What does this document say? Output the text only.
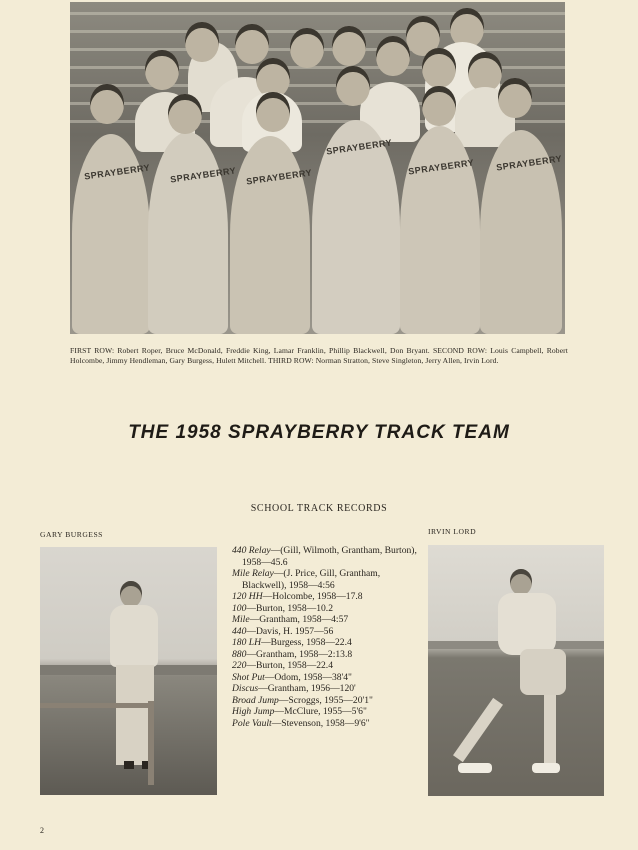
SPRAYBERRY SPRAYBERRY SPRAYBERRY
SPRAYBERRY
SPRAYBERRY SPRAYBERRY
FIRST ROW: Robert Roper, Bruce McDonald, Freddie King, Lamar Franklin, Phillip Blackwell, Don Bryant. SECOND ROW: Louis Campbell, Robert Holcombe, Jimmy Hendleman, Gary Burgess, Hulett Mitchell. THIRD ROW: Norman Stratton, Steve Singleton, Jerry Allen, Irvin Lord.
THE 1958 SPRAYBERRY TRACK TEAM
SCHOOL TRACK RECORDS
GARY BURGESS	IRVIN LORD
440 Relay—(Gill, Wilmoth, Grantham, Burton), 1958—45.6
Mile Relay—(J. Price, Gill, Grantham, Blackwell), 1958—4:56
120 HH—Holcombe, 1958—17.8
100—Burton, 1958—10.2
Mile—Grantham, 1958—4:57
440—Davis, H. 1957—56
180 LH—Burgess, 1958—22.4
880—Grantham, 1958—2:13.8
220—Burton, 1958—22.4
Shot Put—Odom, 1958—38'4"
Discus—Grantham, 1956—120'
Broad Jump—Scroggs, 1955—20'1"
High Jump—McClure, 1955—5'6"
Pole Vault—Stevenson, 1958—9'6"
2
